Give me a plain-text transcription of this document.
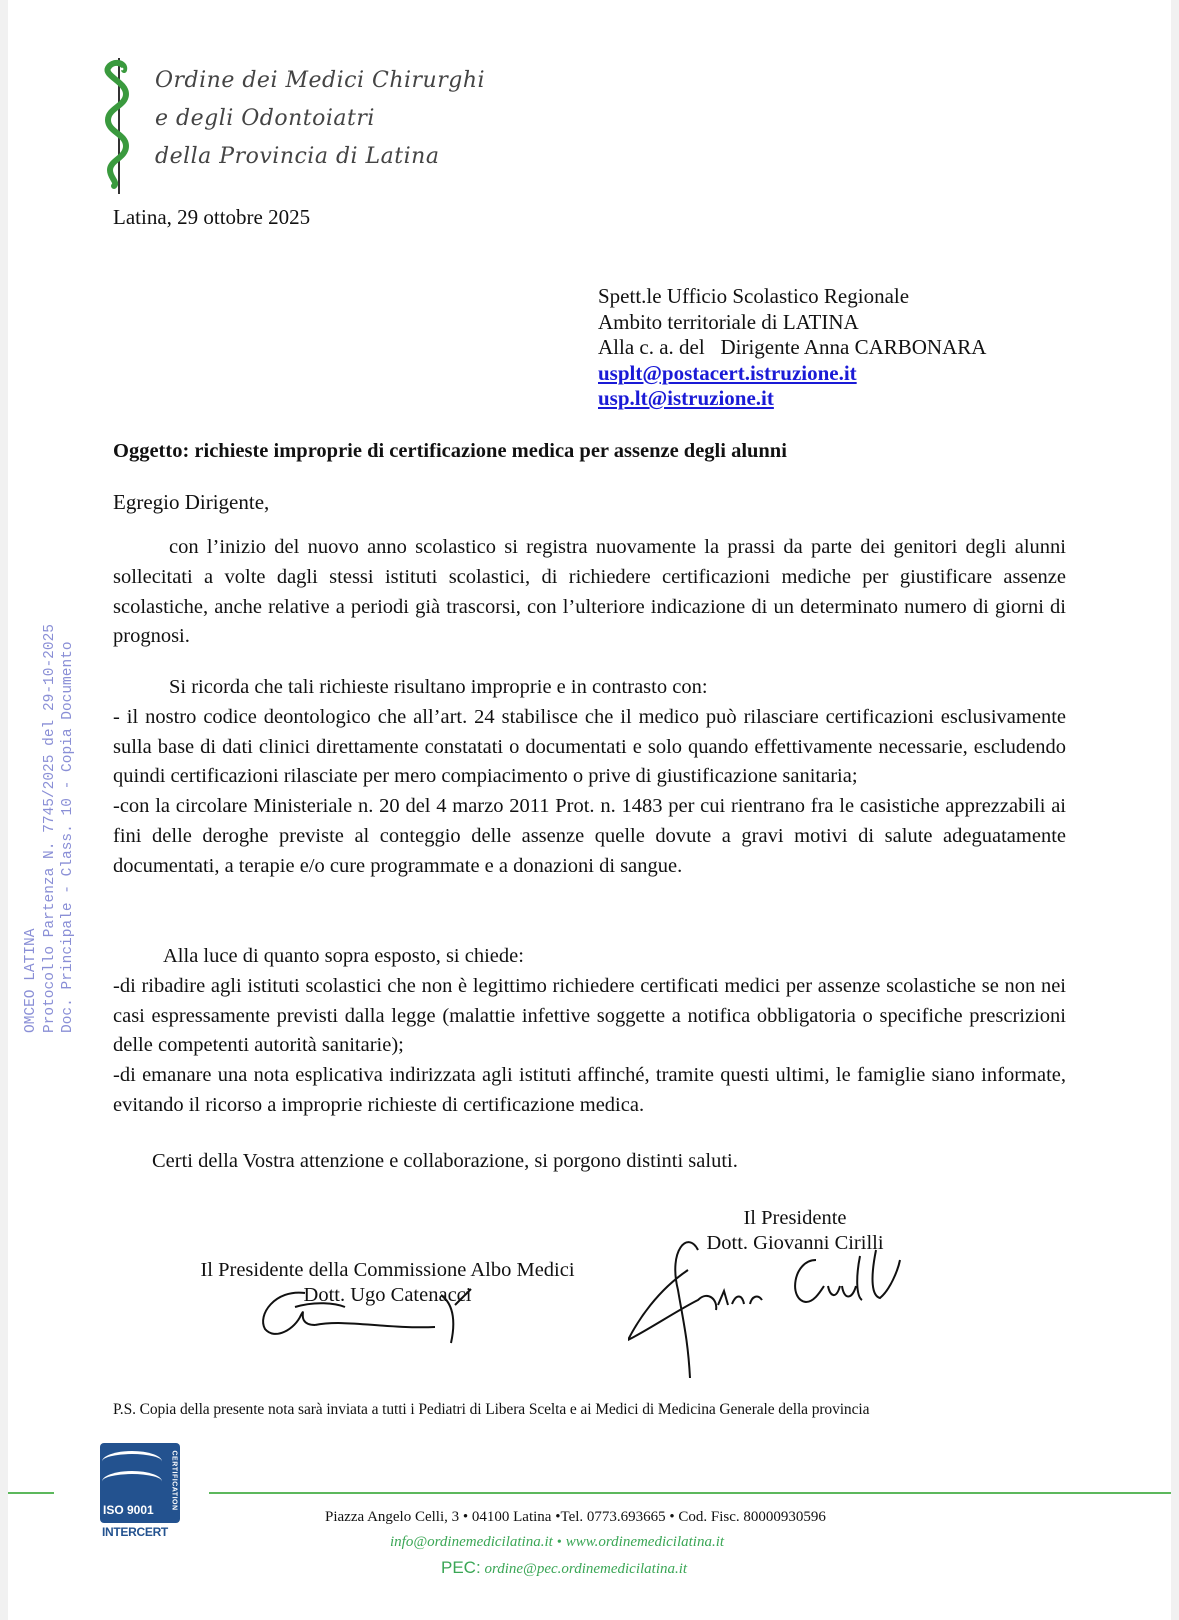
Ordine dei Medici Chirurghi
e degli Odontoiatri
della Provincia di Latina
Latina, 29 ottobre 2025
Spett.le Ufficio Scolastico Regionale
Ambito territoriale di LATINA
Alla c. a. del   Dirigente Anna CARBONARA
usplt@postacert.istruzione.it
usp.lt@istruzione.it
Oggetto: richieste improprie di certificazione medica per assenze degli alunni
Egregio Dirigente,

con l’inizio del nuovo anno scolastico si registra nuovamente la prassi da parte dei genitori degli alunni sollecitati a volte dagli stessi istituti scolastici, di richiedere certificazioni mediche per giustificare assenze scolastiche, anche relative a periodi già trascorsi, con l’ulteriore indicazione di un determinato numero di giorni di prognosi.

Si ricorda che tali richieste risultano improprie e in contrasto con:

- il nostro codice deontologico che all’art. 24 stabilisce che il medico può rilasciare certificazioni esclusivamente sulla base di dati clinici direttamente constatati o documentati e solo quando effettivamente necessarie, escludendo quindi certificazioni rilasciate per mero compiacimento o prive di giustificazione sanitaria;

-con la circolare Ministeriale n. 20 del 4 marzo 2011 Prot. n. 1483 per cui rientrano fra le casistiche apprezzabili ai fini delle deroghe previste al conteggio delle assenze quelle dovute a gravi motivi di salute adeguatamente documentati, a terapie e/o cure programmate e a donazioni di sangue.

Alla luce di quanto sopra esposto, si chiede:

-di ribadire agli istituti scolastici che non è legittimo richiedere certificati medici per assenze scolastiche se non nei casi espressamente previsti dalla legge (malattie infettive soggette a notifica obbligatoria o specifiche prescrizioni delle competenti autorità sanitarie);

-di emanare una nota esplicativa indirizzata agli istituti affinché, tramite questi ultimi, le famiglie siano informate, evitando il ricorso a improprie richieste di certificazione medica.

Certi della Vostra attenzione e collaborazione, si porgono distinti saluti.
Il Presidente
Dott. Giovanni Cirilli
Il Presidente della Commissione Albo Medici
Dott. Ugo Catenacci
P.S. Copia della presente nota sarà inviata a tutti i Pediatri di Libera Scelta e ai Medici di Medicina Generale della provincia
ISO 9001 CERTIFICATION
INTERCERT
Piazza Angelo Celli, 3 • 04100 Latina •Tel. 0773.693665 • Cod. Fisc. 80000930596
info@ordinemedicilatina.it • www.ordinemedicilatina.it
PEC: ordine@pec.ordinemedicilatina.it
OMCEO LATINA Protocollo Partenza N. 7745/2025 del 29-10-2025 Doc. Principale - Class. 10 - Copia Documento
